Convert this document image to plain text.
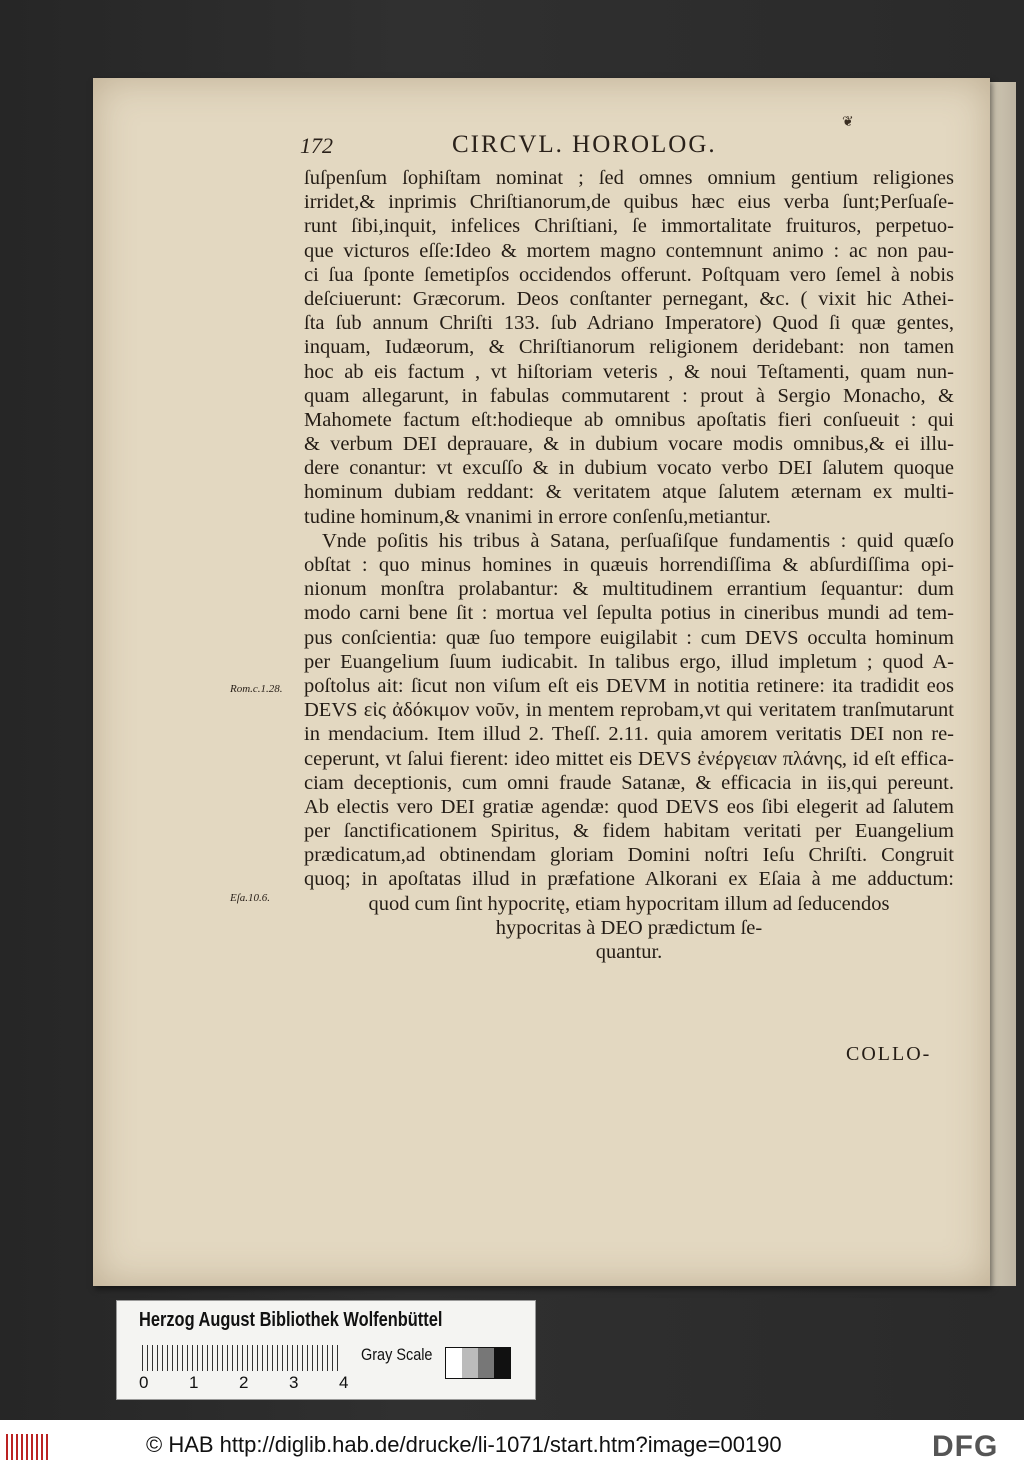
172	CIRCVL. HOROLOG.
❦
ſuſpenſum ſophiſtam nominat ; ſed omnes omnium gentium religiones
irridet,& inprimis Chriſtianorum,de quibus hæc eius verba ſunt;Perſuaſe-
runt ſibi,inquit, infelices Chriſtiani, ſe immortalitate fruituros, perpetuo-
que victuros eſſe:Ideo & mortem magno contemnunt animo : ac non pau-
ci ſua ſponte ſemetipſos occidendos offerunt. Poſtquam vero ſemel à nobis
deſciuerunt: Græcorum. Deos conſtanter pernegant, &c. ( vixit hic Athei-
ſta ſub annum Chriſti 133. ſub Adriano Imperatore) Quod ſi quæ gentes,
inquam, Iudæorum, & Chriſtianorum religionem deridebant: non tamen
hoc ab eis factum , vt hiſtoriam veteris , & noui Teſtamenti, quam nun-
quam allegarunt, in fabulas commutarent : prout à Sergio Monacho, &
Mahomete factum eſt:hodieque ab omnibus apoſtatis fieri conſueuit : qui
& verbum DEI deprauare, & in dubium vocare modis omnibus,& ei illu-
dere conantur: vt excuſſo & in dubium vocato verbo DEI ſalutem quoque
hominum dubiam reddant: & veritatem atque ſalutem æternam ex multi-
tudine hominum,& vnanimi in errore conſenſu,metiantur.
Vnde poſitis his tribus à Satana, perſuaſiſque fundamentis : quid quæſo
obſtat : quo minus homines in quæuis horrendiſſima & abſurdiſſima opi-
nionum monſtra prolabantur: & multitudinem errantium ſequantur: dum
modo carni bene ſit : mortua vel ſepulta potius in cineribus mundi ad tem-
pus conſcientia: quæ ſuo tempore euigilabit : cum DEVS occulta hominum
per Euangelium ſuum iudicabit. In talibus ergo, illud impletum ; quod A-
poſtolus ait: ſicut non viſum eſt eis DEVM in notitia retinere: ita tradidit eos
DEVS εἰς ἀδόκιμον νοῦν, in mentem reprobam,vt qui veritatem tranſmutarunt
in mendacium. Item illud 2. Theſſ. 2.11. quia amorem veritatis DEI non re-
ceperunt, vt ſalui fierent: ideo mittet eis DEVS ἐνέργειαν πλάνης, id eſt effica-
ciam deceptionis, cum omni fraude Satanæ, & efficacia in iis,qui pereunt.
Ab electis vero DEI gratiæ agendæ: quod DEVS eos ſibi elegerit ad ſalutem
per ſanctificationem Spiritus, & fidem habitam veritati per Euangelium
prædicatum,ad obtinendam gloriam Domini noſtri Ieſu Chriſti. Congruit
quoq; in apoſtatas illud in præfatione Alkorani ex Eſaia à me adductum:
quod cum ſint hypocritę, etiam hypocritam illum ad ſeducendos
hypocritas à DEO prædictum ſe-
quantur.
Rom.c.1.28.
Eſa.10.6.
COLLO-
Herzog August Bibliothek Wolfenbüttel
0 1 2 3 4
Gray Scale
© HAB http://diglib.hab.de/drucke/li-1071/start.htm?image=00190	DFG
